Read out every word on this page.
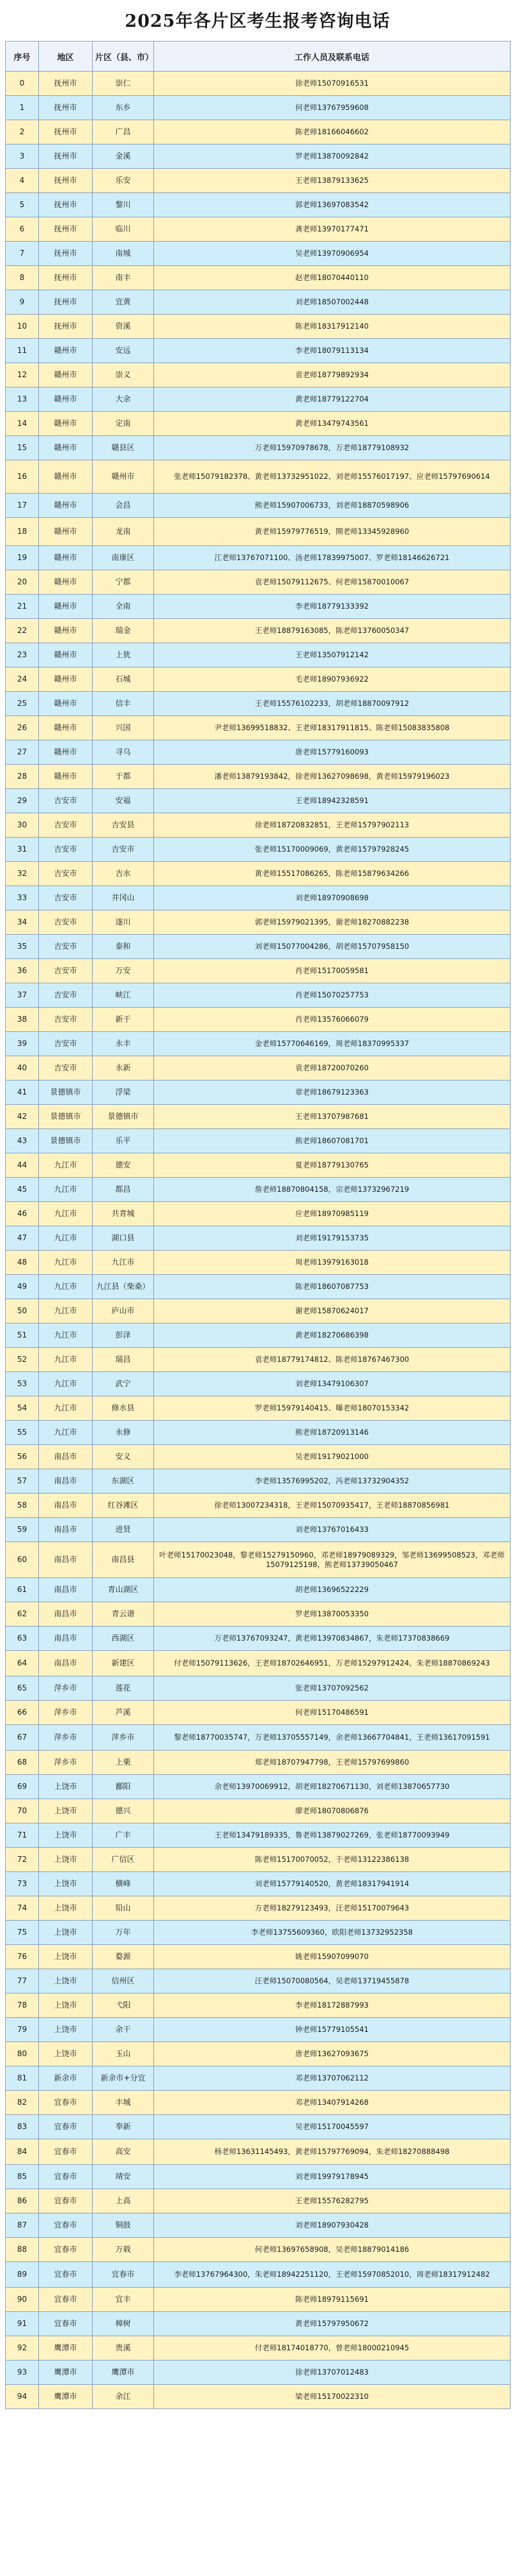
2025年各片区考生报考咨询电话
序号	地区	片区（县、市）	工作人员及联系电话
0	抚州市	崇仁	徐老师15070916531
1	抚州市	东乡	何老师13767959608
2	抚州市	广昌	陈老师18166046602
3	抚州市	金溪	罗老师13870092842
4	抚州市	乐安	王老师13879133625
5	抚州市	黎川	郭老师13697083542
6	抚州市	临川	龚老师13970177471
7	抚州市	南城	吴老师13970906954
8	抚州市	南丰	赵老师18070440110
9	抚州市	宜黄	刘老师18507002448
10	抚州市	资溪	陈老师18317912140
11	赣州市	安远	李老师18079113134
12	赣州市	崇义	袁老师18779892934
13	赣州市	大余	黄老师18779122704
14	赣州市	定南	黄老师13479743561
15	赣州市	赣县区	万老师15970978678，万老师18779108932
16	赣州市	赣州市	张老师15079182378、黄老师13732951022、刘老师15576017197、应老师15797690614
17	赣州市	会昌	熊老师15907006733，刘老师18870598906
18	赣州市	龙南	黄老师15979776519，開老师13345928960
19	赣州市	南康区	江老师13767071100、汤老师17839975007、罗老师18146626721
20	赣州市	宁都	袁老师15079112675、何老师15870010067
21	赣州市	全南	李老师18779133392
22	赣州市	瑞金	王老师18879163085，陈老师13760050347
23	赣州市	上犹	王老师13507912142
24	赣州市	石城	毛老师18907936922
25	赣州市	信丰	王老师15576102233，胡老师18870097912
26	赣州市	兴国	尹老师13699518832、王老师18317911815、陈老师15083835808
27	赣州市	寻乌	唐老师15779160093
28	赣州市	于都	潘老师13879193842，徐老师13627098698，黄老师15979196023
29	吉安市	安福	王老师18942328591
30	吉安市	吉安县	徐老师18720832851，王老师15797902113
31	吉安市	吉安市	张老师15170009069，黄老师15797928245
32	吉安市	吉水	黄老师15517086265，陈老师15879634266
33	吉安市	井冈山	刘老师18970908698
34	吉安市	遂川	郭老师15979021395，谢老师18270882238
35	吉安市	泰和	刘老师15077004286，胡老师15707958150
36	吉安市	万安	肖老师15170059581
37	吉安市	峡江	肖老师15070257753
38	吉安市	新干	肖老师13576066079
39	吉安市	永丰	金老师15770646169，周老师18370995337
40	吉安市	永新	袁老师18720070260
41	景德镇市	浮梁	章老师18679123363
42	景德镇市	景德镇市	王老师13707987681
43	景德镇市	乐平	熊老师18607081701
44	九江市	德安	夏老师18779130765
45	九江市	都昌	詹老师18870804158，宗老师13732967219
46	九江市	共青城	应老师18970985119
47	九江市	湖口县	刘老师19179153735
48	九江市	九江市	周老师13979163018
49	九江市	九江县（柴桑）	陈老师18607087753
50	九江市	庐山市	谢老师15870624017
51	九江市	彭泽	黄老师18270686398
52	九江市	瑞昌	袁老师18779174812、陈老师18767467300
53	九江市	武宁	刘老师13479106307
54	九江市	修水县	罗老师15979140415、曝老师18070153342
55	九江市	永修	熊老师18720913146
56	南昌市	安义	吴老师19179021000
57	南昌市	东湖区	李老师13576995202，冯老师13732904352
58	南昌市	红谷滩区	徐老师13007234318，王老师15070935417，王老师18870856981
59	南昌市	进贤	刘老师13767016433
60	南昌市	南昌县	叶老师15170023048，黎老师15279150960，邓老师18979089329，邹老师13699508523，邓老师15079125198，熊老师13739050467
61	南昌市	青山湖区	胡老师13696522229
62	南昌市	青云谱	罗老师13870053350
63	南昌市	西湖区	万老师13767093247，黄老师13970834867，朱老师17370838669
64	南昌市	新建区	付老师15079113626，王老师18702646951，万老师15297912424，朱老师18870869243
65	萍乡市	莲花	张老师13707092562
66	萍乡市	芦溪	何老师15170486591
67	萍乡市	萍乡市	黎老师18770035747，万老师13705557149，余老师13667704841，王老师13617091591
68	萍乡市	上栗	郑老师18707947798，王老师15797699860
69	上饶市	鄱阳	余老师13970069912，胡老师18270671130，刘老师13870657730
70	上饶市	德兴	廖老师18070806876
71	上饶市	广丰	王老师13479189335，鲁老师13879027269，张老师18770093949
72	上饶市	广信区	陈老师15170070052，于老师13122386138
73	上饶市	横峰	刘老师15779140520，黄老师18317941914
74	上饶市	铅山	方老师18279123493，汪老师15170079643
75	上饶市	万年	李老师13755609360，欧阳老师13732952358
76	上饶市	婺源	姚老师15907099070
77	上饶市	信州区	汪老师15070080564，吴老师13719455878
78	上饶市	弋阳	李老师18172887993
79	上饶市	余干	钟老师15779105541
80	上饶市	玉山	唐老师13627093675
81	新余市	新余市+分宜	邓老师13707062112
82	宜春市	丰城	邓老师13407914268
83	宜春市	奉新	吴老师15170045597
84	宜春市	高安	杨老师13631145493，黄老师15797769094，朱老师18270888498
85	宜春市	靖安	刘老师19979178945
86	宜春市	上高	王老师15576282795
87	宜春市	铜鼓	刘老师18907930428
88	宜春市	万载	何老师13697658908，吴老师18879014186
89	宜春市	宜春市	李老师13767964300，朱老师18942251120，王老师15970852010，周老师18317912482
90	宜春市	宜丰	陈老师18979115691
91	宜春市	樟树	黄老师15797950672
92	鹰潭市	贵溪	付老师18174018770，曾老师18000210945
93	鹰潭市	鹰潭市	徐老师13707012483
94	鹰潭市	余江	梁老师15170022310
